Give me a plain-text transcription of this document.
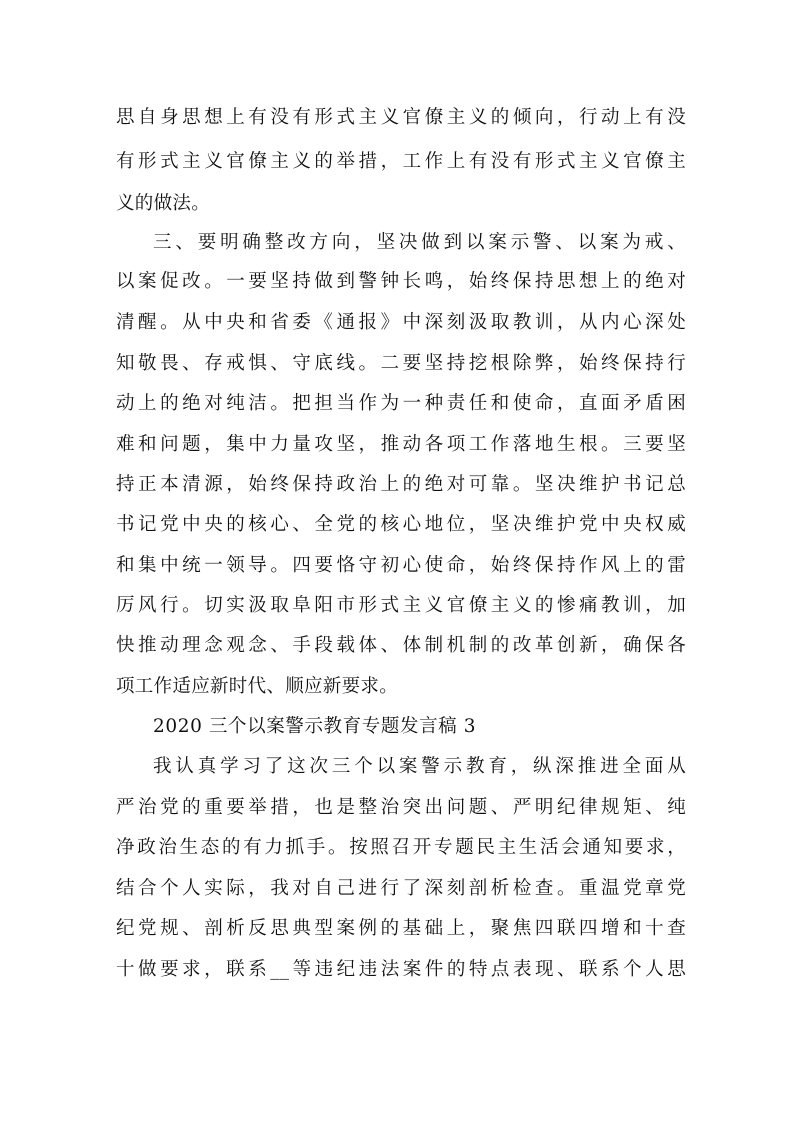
思自身思想上有没有形式主义官僚主义的倾向，行动上有没
有形式主义官僚主义的举措，工作上有没有形式主义官僚主
义的做法。
三、要明确整改方向，坚决做到以案示警、以案为戒、
以案促改。一要坚持做到警钟长鸣，始终保持思想上的绝对
清醒。从中央和省委《通报》中深刻汲取教训，从内心深处
知敬畏、存戒惧、守底线。二要坚持挖根除弊，始终保持行
动上的绝对纯洁。把担当作为一种责任和使命，直面矛盾困
难和问题，集中力量攻坚，推动各项工作落地生根。三要坚
持正本清源，始终保持政治上的绝对可靠。坚决维护书记总
书记党中央的核心、全党的核心地位，坚决维护党中央权威
和集中统一领导。四要恪守初心使命，始终保持作风上的雷
厉风行。切实汲取阜阳市形式主义官僚主义的惨痛教训，加
快推动理念观念、手段载体、体制机制的改革创新，确保各
项工作适应新时代、顺应新要求。
2020 三个以案警示教育专题发言稿 3
我认真学习了这次三个以案警示教育，纵深推进全面从
严治党的重要举措，也是整治突出问题、严明纪律规矩、纯
净政治生态的有力抓手。按照召开专题民主生活会通知要求，
结合个人实际，我对自己进行了深刻剖析检查。重温党章党
纪党规、剖析反思典型案例的基础上，聚焦四联四增和十查
十做要求，联系__等违纪违法案件的特点表现、联系个人思
